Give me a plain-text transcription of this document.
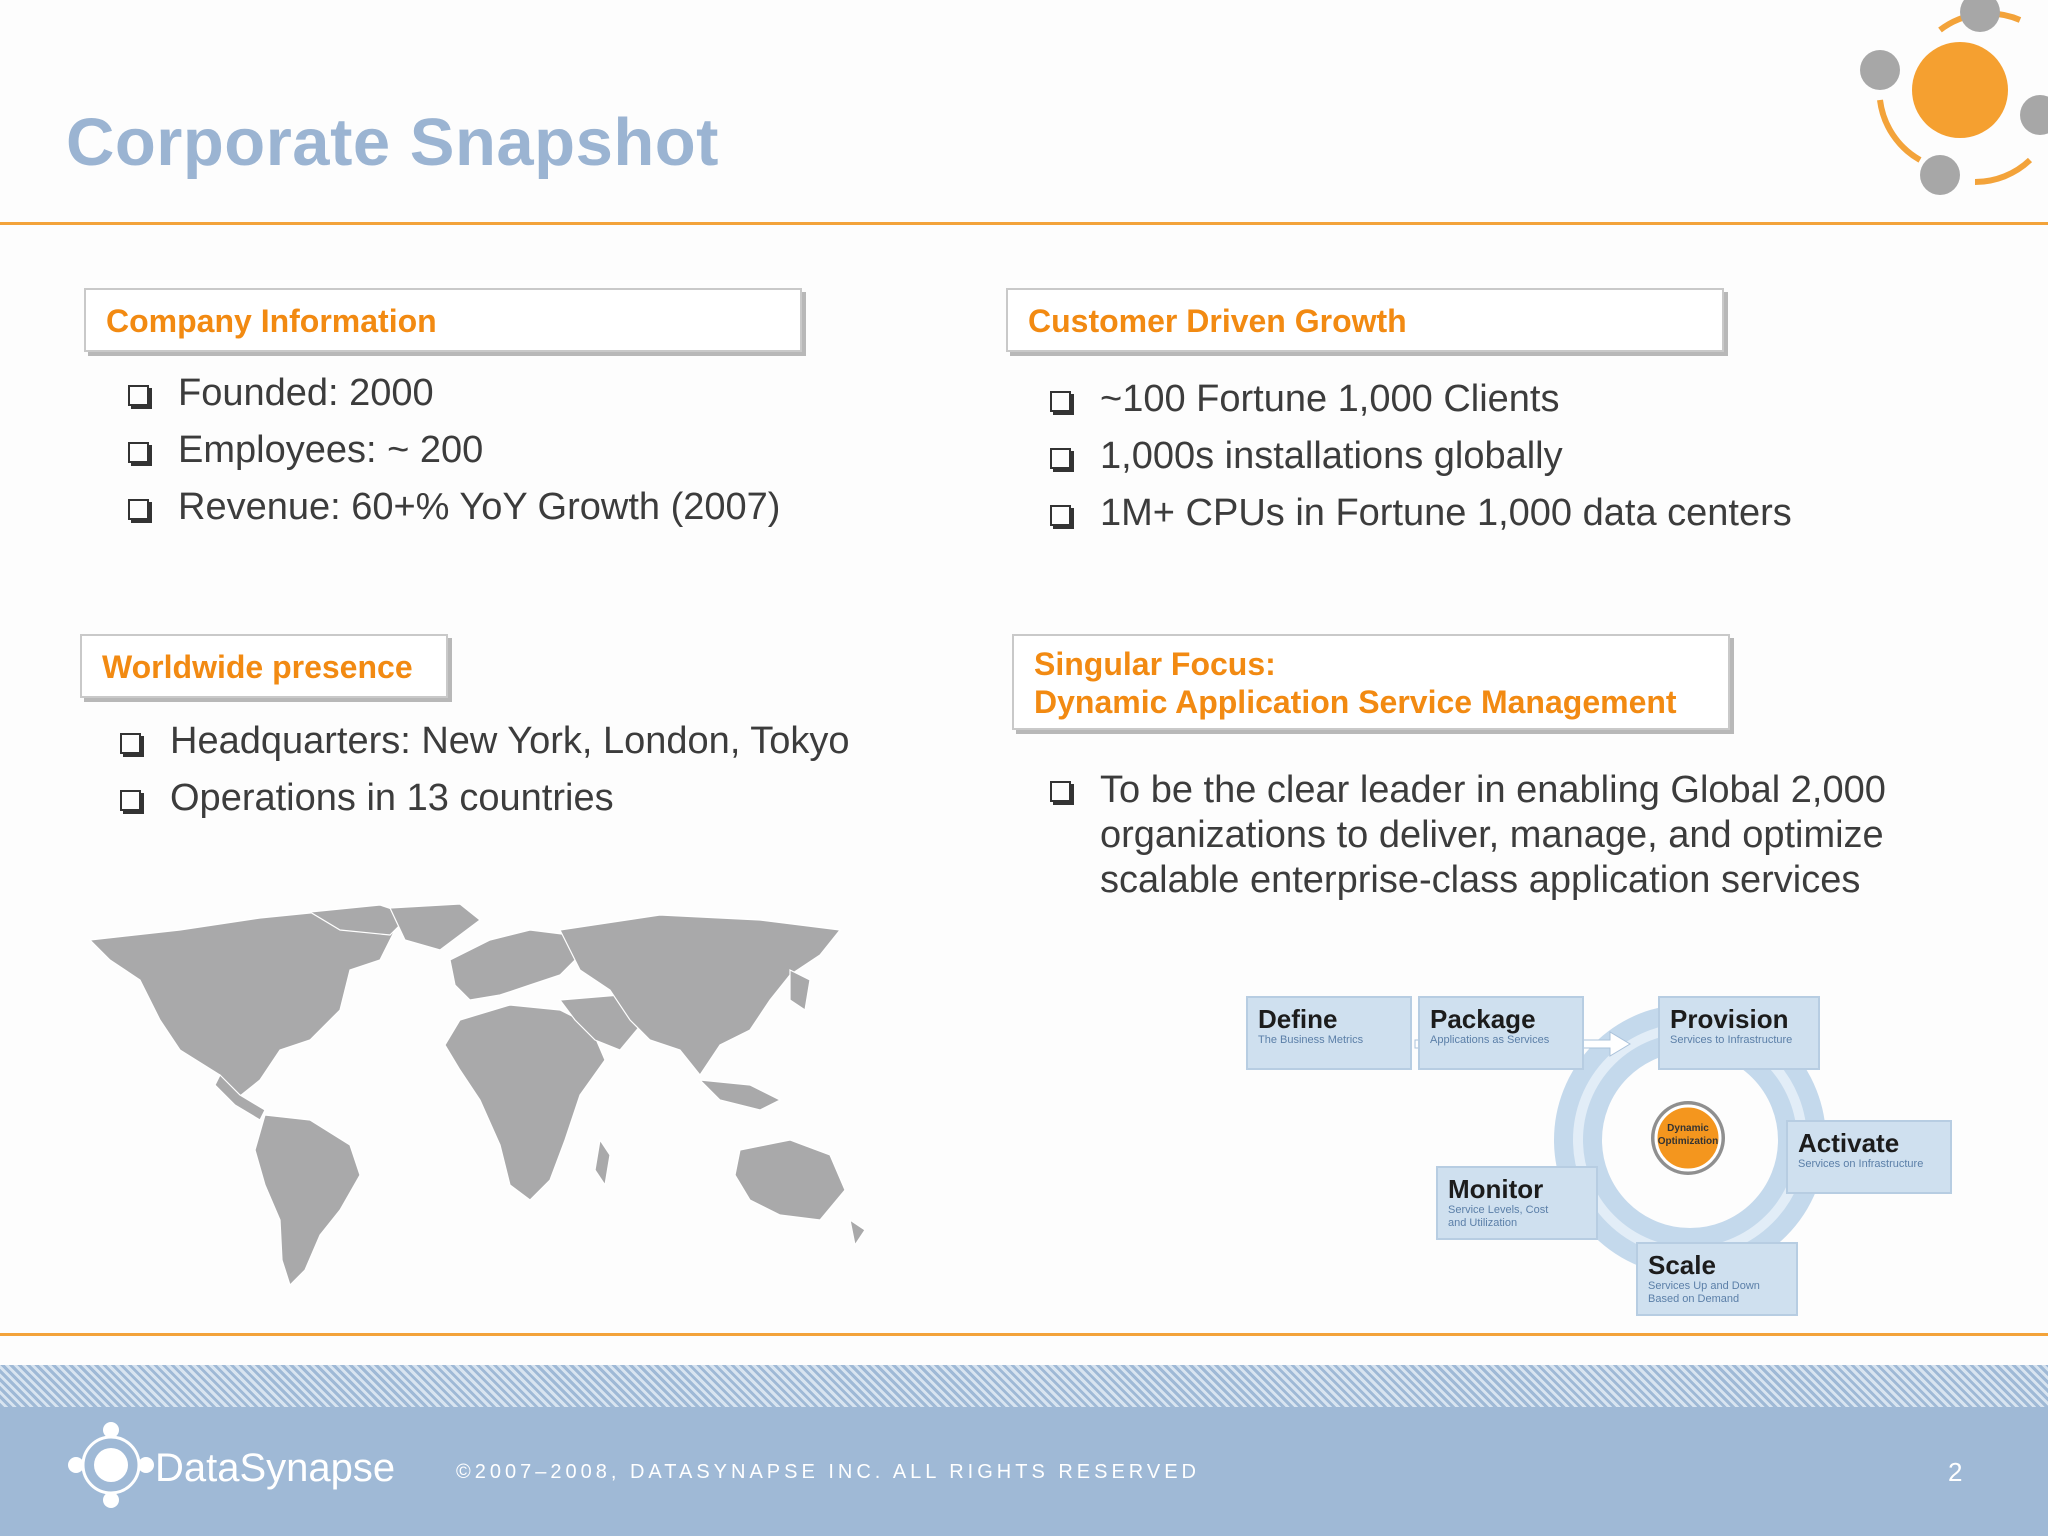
Corporate Snapshot
Company Information
Founded: 2000
Employees: ~ 200
Revenue: 60+% YoY Growth (2007)
Customer Driven Growth
~100 Fortune 1,000 Clients
1,000s installations globally
1M+ CPUs in Fortune 1,000 data centers
Worldwide presence
Headquarters: New York, London, Tokyo
Operations in 13 countries
Singular Focus:
Dynamic Application Service Management
To be the clear leader in enabling Global 2,000 organizations to deliver, manage, and optimize scalable enterprise-class application services
Dynamic
Optimization
Define
The Business Metrics
Package
Applications as Services
Provision
Services to Infrastructure
Activate
Services on Infrastructure
Scale
Services Up and Down
Based on Demand
Monitor
Service Levels, Cost
and Utilization
DataSynapse	©2007–2008, DATASYNAPSE INC. ALL RIGHTS RESERVED	2
